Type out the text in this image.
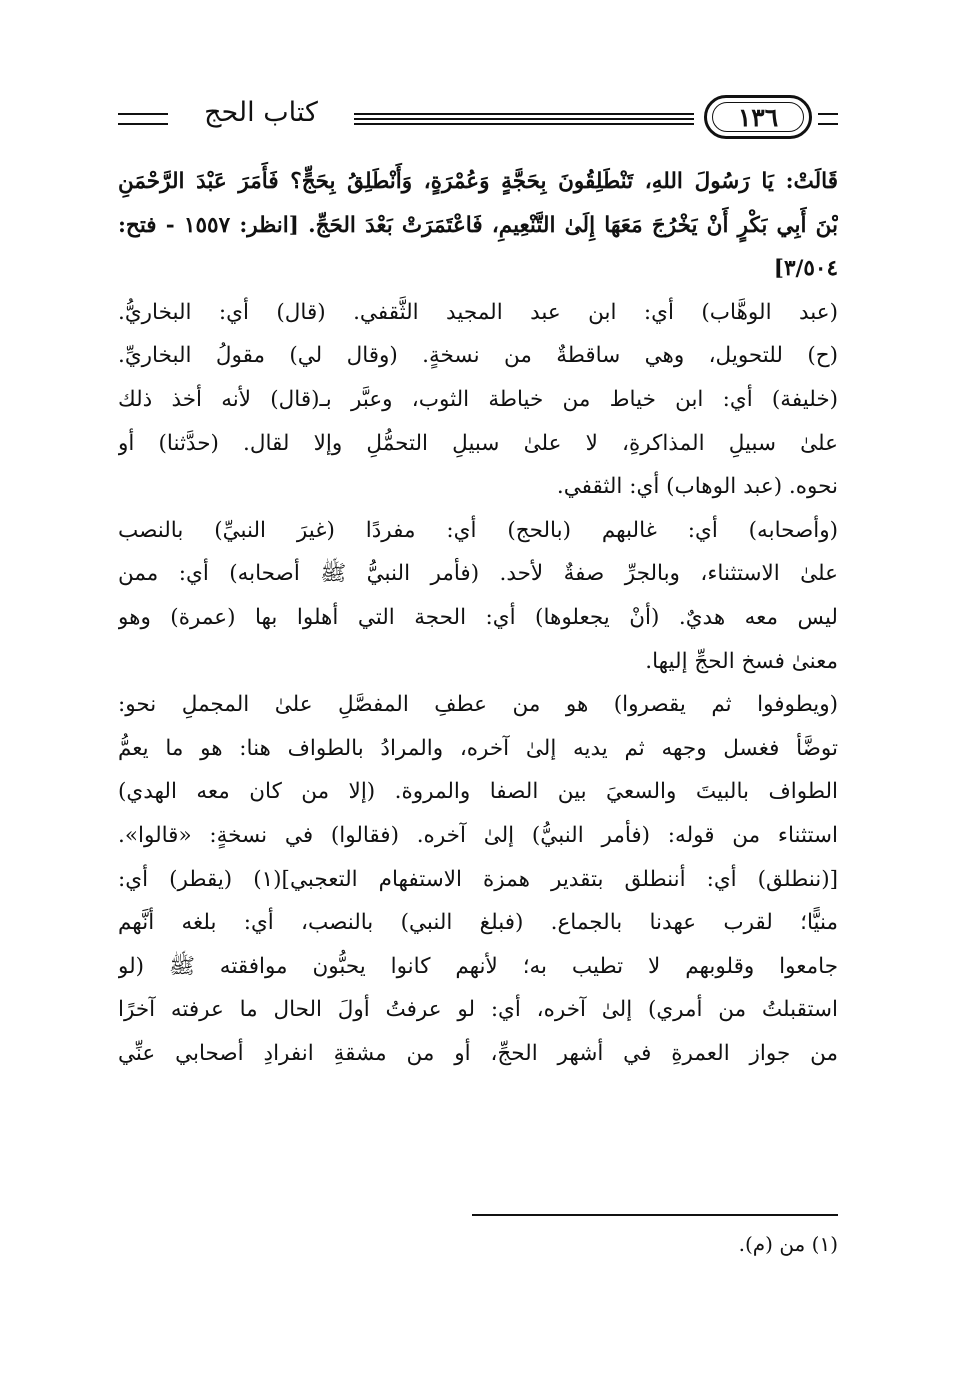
كتاب الحج	١٣٦
قَالَتْ: يَا رَسُولَ اللهِ، تَنْطَلِقُونَ بِحَجَّةٍ وَعُمْرَةٍ، وَأَنْطَلِقُ بِحَجٍّ؟ فَأَمَرَ عَبْدَ الرَّحْمَنِ
بْنَ أَبِي بَكْرٍ أَنْ يَخْرُجَ مَعَهَا إِلَىٰ التَّنْعِيمِ، فَاعْتَمَرَتْ بَعْدَ الحَجِّ. [انظر: ١٥٥٧ - فتح:
٣/٥٠٤]
(عبد الوهَّاب) أي: ابن عبد المجيد الثَّقفي. (قال) أي: البخاريُّ.
(ح) للتحويل، وهي ساقطةٌ من نسخةٍ. (وقال لي) مقولُ البخاريِّ.
(خليفة) أي: ابن خياط من خياطة الثوب، وعبَّر بـ(قال) لأنه أخذ ذلك
علىٰ سبيلِ المذاكرةِ، لا علىٰ سبيلِ التحمُّلِ وإلا لقال. (حدَّثنا) أو
نحوه. (عبد الوهاب) أي: الثقفي.
(وأصحابه) أي: غالبهم (بالحج) أي: مفردًا (غيرَ النبيِّ) بالنصب
علىٰ الاستثناء، وبالجرِّ صفةٌ لأحد. (فأمر النبيُّ ﷺ أصحابه) أي: ممن
ليس معه هديٌ. (أنْ يجعلوها) أي: الحجة التي أهلوا بها (عمرة) وهو
معنىٰ فسخ الحجِّ إليها.
(ويطوفوا ثم يقصروا) هو من عطفِ المفصَّلِ علىٰ المجملِ نحو:
توضَّأ فغسل وجهه ثم يديه إلىٰ آخره، والمرادُ بالطواف هنا: هو ما يعمُّ
الطواف بالبيتَ والسعيَ بين الصفا والمروة. (إلا من كان معه الهدي)
استثناء من قوله: (فأمر النبيُّ) إلىٰ آخره. (فقالوا) في نسخةٍ: «قالوا».
[(ننطلق) أي: أننطلق بتقدير همزة الاستفهام التعجبي](١) (يقطر) أي:
منيًّا؛ لقرب عهدنا بالجماع. (فبلغ النبي) بالنصب، أي: بلغه أنَّهم
جامعوا وقلوبهم لا تطيب به؛ لأنهم كانوا يحبُّون موافقته ﷺ (لو
استقبلتُ من أمري) إلىٰ آخره، أي: لو عرفتُ أولَ الحال ما عرفته آخرًا
من جواز العمرةِ في أشهر الحجِّ، أو من مشقةِ انفرادِ أصحابي عنِّي
(١) من (م).
